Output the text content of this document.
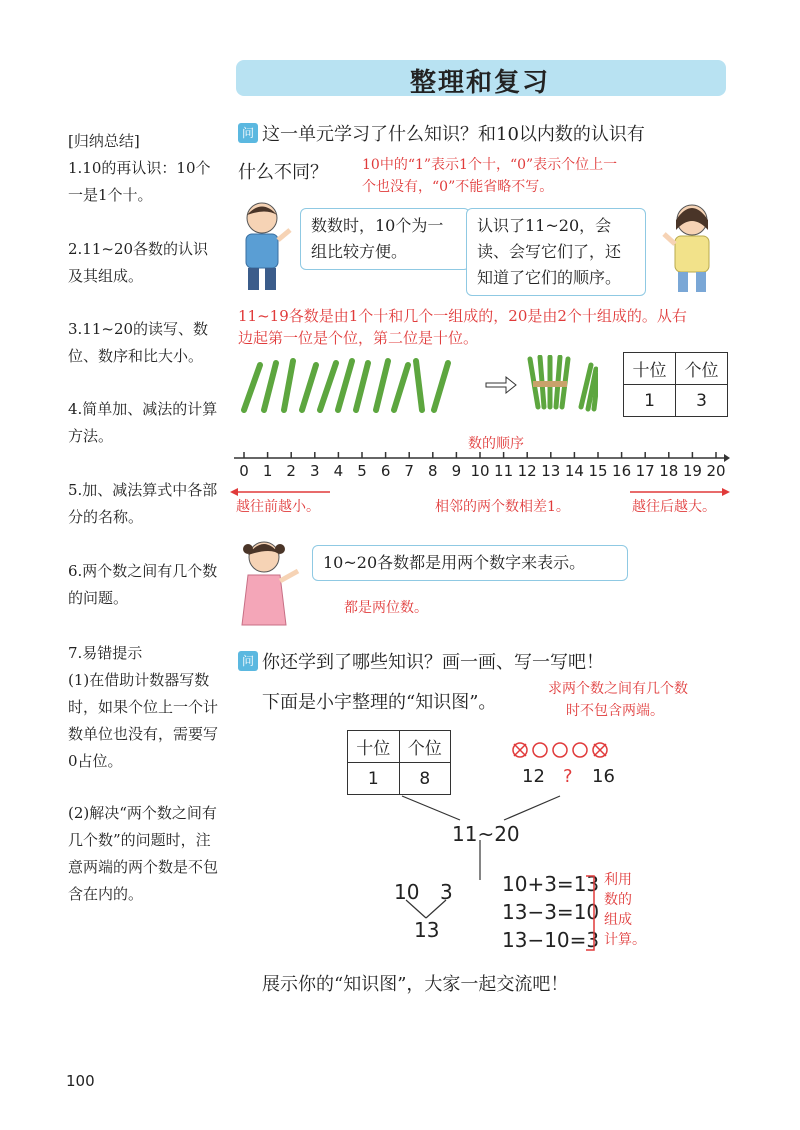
整理和复习
[归纳总结]
1.10的再认识：10个一是1个十。
2.11~20各数的认识及其组成。
3.11~20的读写、数位、数序和比大小。
4.简单加、减法的计算方法。
5.加、减法算式中各部分的名称。
6.两个数之间有几个数的问题。
7.易错提示
(1)在借助计数器写数时，如果个位上一个计数单位也没有，需要写0占位。
(2)解决“两个数之间有几个数”的问题时，注意两端的两个数是不包含在内的。
问 这一单元学习了什么知识？和10以内数的认识有
什么不同？ 10中的“1”表示1个十，“0”表示个位上一
个也没有，“0”不能省略不写。
数数时，10个为一组比较方便。
认识了11~20，会读、会写它们了，还知道了它们的顺序。
11~19各数是由1个十和几个一组成的，20是由2个十组成的。从右
边起第一位是个位，第二位是十位。
十位	个位
1	3
数的顺序
0 1 2 3 4 5 6 7 8 9 10 11 12 13 14 15 16 17 18 19 20
越往前越小。	相邻的两个数相差1。	越往后越大。
10~20各数都是用两个数字来表示。
都是两位数。
问 你还学到了哪些知识？画一画、写一写吧！
下面是小宇整理的“知识图”。
求两个数之间有几个数
时不包含两端。
十位	个位
1	8	12 ? 16
11~20
10 3
13
10+3=13
13−3=10
13−10=3
利用
数的
组成
计算。
展示你的“知识图”，大家一起交流吧！
100
